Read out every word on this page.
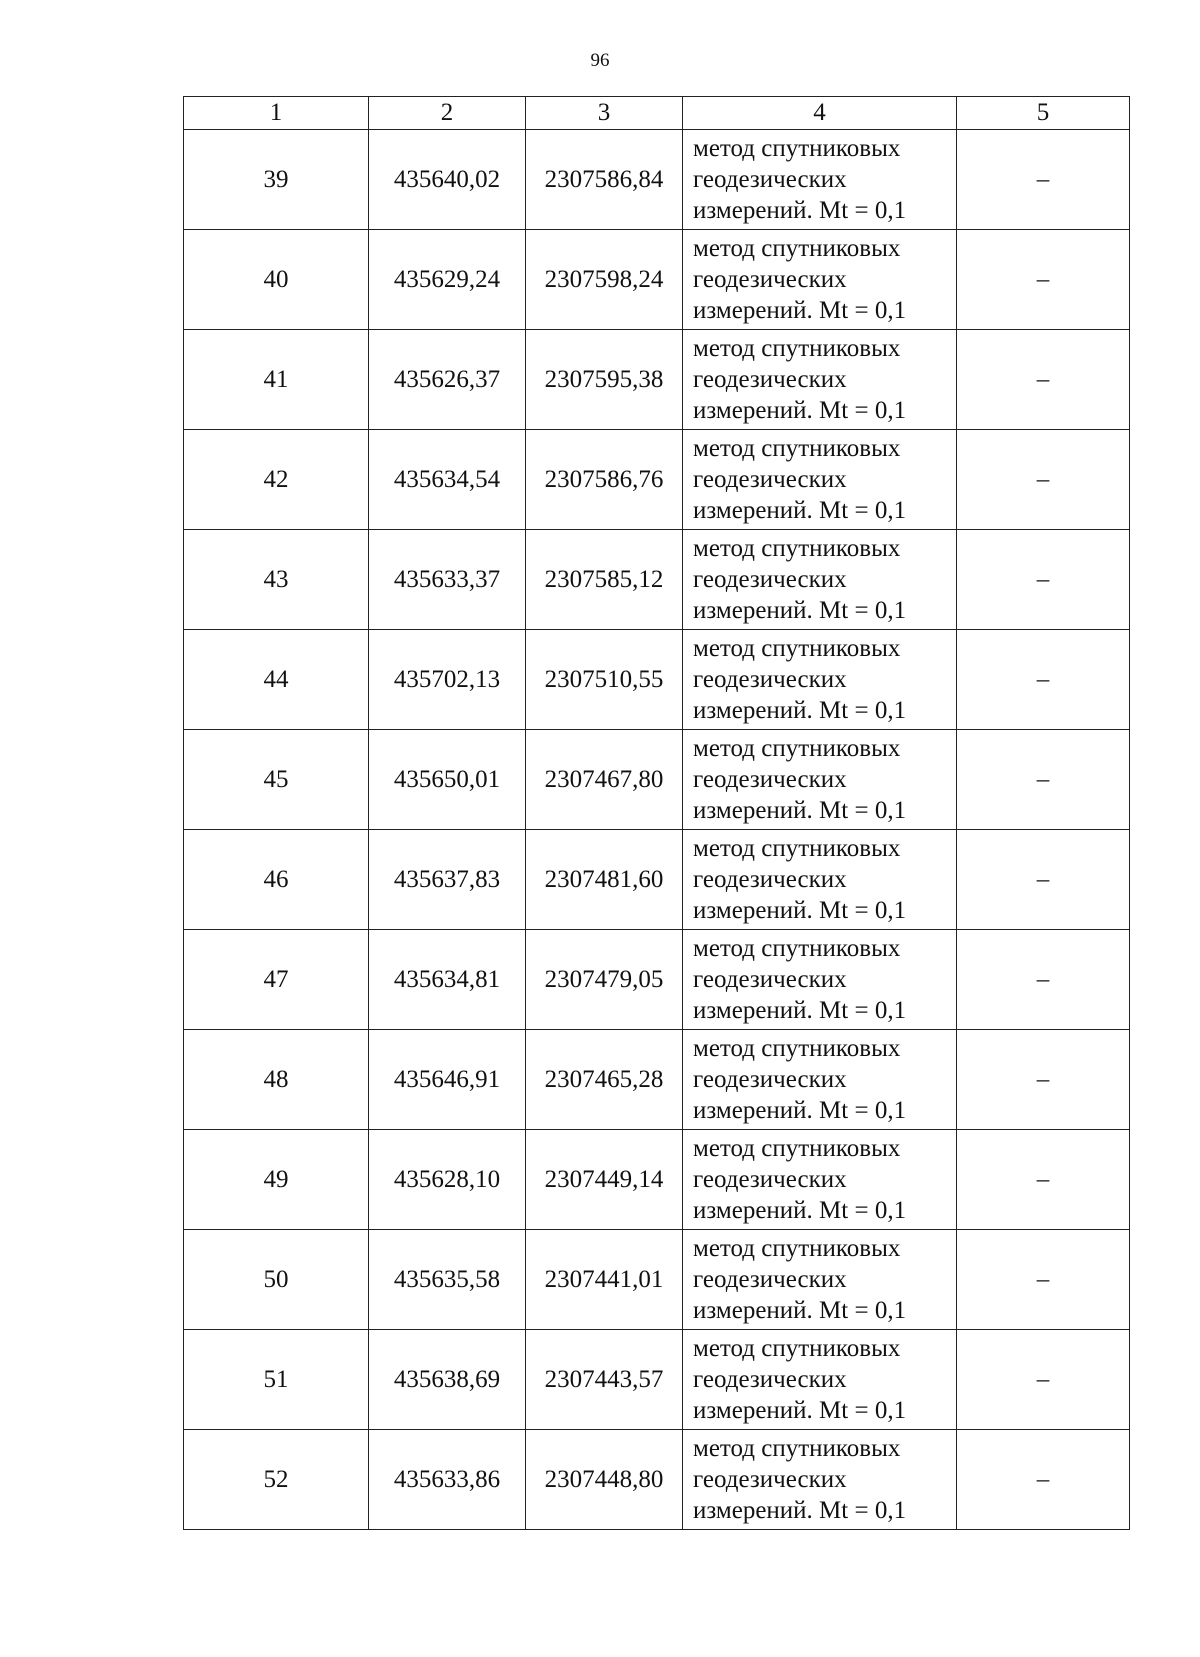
96
1	2	3	4	5
39	435640,02	2307586,84	метод спутниковых
геодезических
измерений. Mt = 0,1	–
40	435629,24	2307598,24	метод спутниковых
геодезических
измерений. Mt = 0,1	–
41	435626,37	2307595,38	метод спутниковых
геодезических
измерений. Mt = 0,1	–
42	435634,54	2307586,76	метод спутниковых
геодезических
измерений. Mt = 0,1	–
43	435633,37	2307585,12	метод спутниковых
геодезических
измерений. Mt = 0,1	–
44	435702,13	2307510,55	метод спутниковых
геодезических
измерений. Mt = 0,1	–
45	435650,01	2307467,80	метод спутниковых
геодезических
измерений. Mt = 0,1	–
46	435637,83	2307481,60	метод спутниковых
геодезических
измерений. Mt = 0,1	–
47	435634,81	2307479,05	метод спутниковых
геодезических
измерений. Mt = 0,1	–
48	435646,91	2307465,28	метод спутниковых
геодезических
измерений. Mt = 0,1	–
49	435628,10	2307449,14	метод спутниковых
геодезических
измерений. Mt = 0,1	–
50	435635,58	2307441,01	метод спутниковых
геодезических
измерений. Mt = 0,1	–
51	435638,69	2307443,57	метод спутниковых
геодезических
измерений. Mt = 0,1	–
52	435633,86	2307448,80	метод спутниковых
геодезических
измерений. Mt = 0,1	–
